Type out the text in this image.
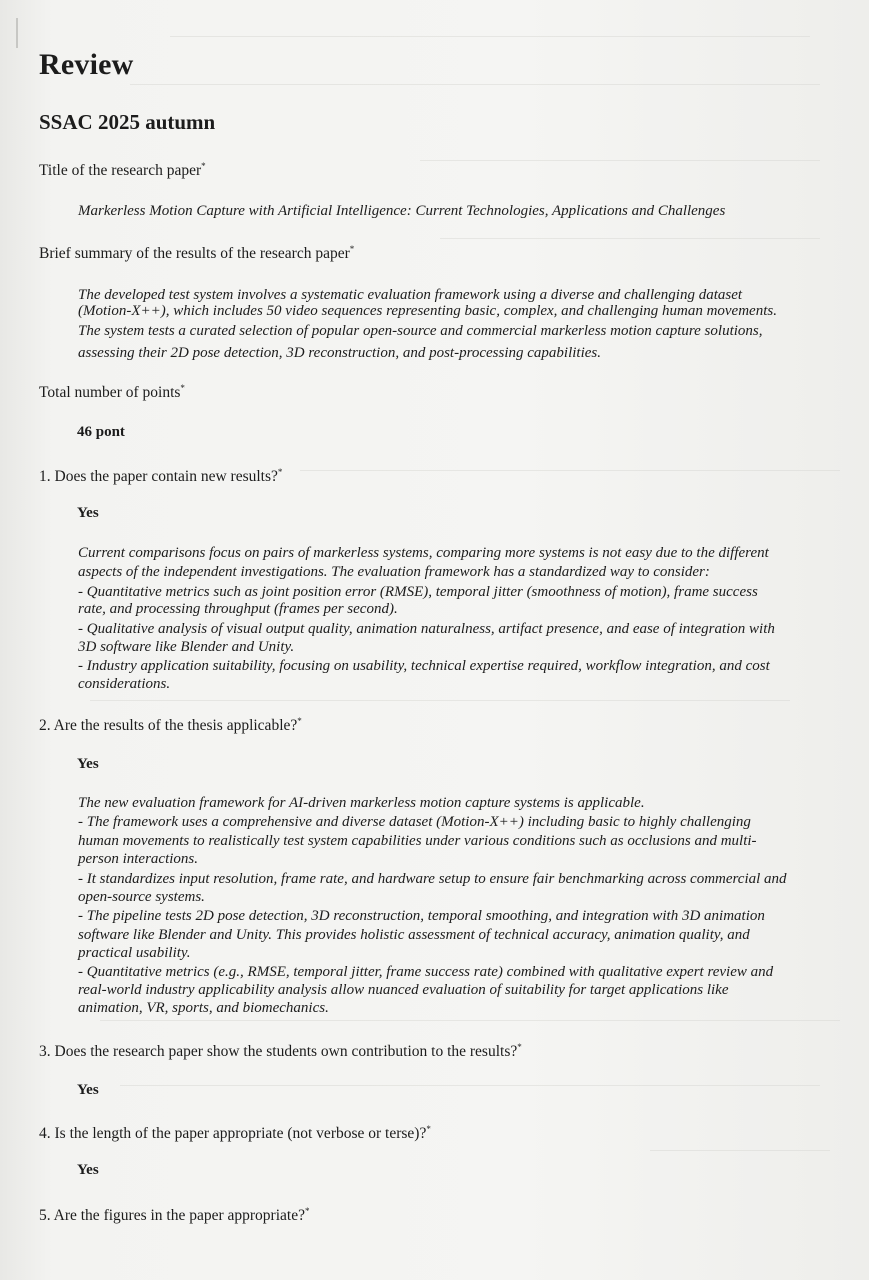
Review
SSAC 2025 autumn
Title of the research paper*
Markerless Motion Capture with Artificial Intelligence: Current Technologies, Applications and Challenges
Brief summary of the results of the research paper*
The developed test system involves a systematic evaluation framework using a diverse and challenging dataset
(Motion-X++), which includes 50 video sequences representing basic, complex, and challenging human movements.
The system tests a curated selection of popular open-source and commercial markerless motion capture solutions,
assessing their 2D pose detection, 3D reconstruction, and post-processing capabilities.
Total number of points*
46 pont
1. Does the paper contain new results?*
Yes
Current comparisons focus on pairs of markerless systems, comparing more systems is not easy due to the different
aspects of the independent investigations. The evaluation framework has a standardized way to consider:
- Quantitative metrics such as joint position error (RMSE), temporal jitter (smoothness of motion), frame success
rate, and processing throughput (frames per second).
- Qualitative analysis of visual output quality, animation naturalness, artifact presence, and ease of integration with
3D software like Blender and Unity.
- Industry application suitability, focusing on usability, technical expertise required, workflow integration, and cost
considerations.
2. Are the results of the thesis applicable?*
Yes
The new evaluation framework for AI-driven markerless motion capture systems is applicable.
- The framework uses a comprehensive and diverse dataset (Motion-X++) including basic to highly challenging
human movements to realistically test system capabilities under various conditions such as occlusions and multi-
person interactions.
- It standardizes input resolution, frame rate, and hardware setup to ensure fair benchmarking across commercial and
open-source systems.
- The pipeline tests 2D pose detection, 3D reconstruction, temporal smoothing, and integration with 3D animation
software like Blender and Unity. This provides holistic assessment of technical accuracy, animation quality, and
practical usability.
- Quantitative metrics (e.g., RMSE, temporal jitter, frame success rate) combined with qualitative expert review and
real-world industry applicability analysis allow nuanced evaluation of suitability for target applications like
animation, VR, sports, and biomechanics.
3. Does the research paper show the students own contribution to the results?*
Yes
4. Is the length of the paper appropriate (not verbose or terse)?*
Yes
5. Are the figures in the paper appropriate?*
